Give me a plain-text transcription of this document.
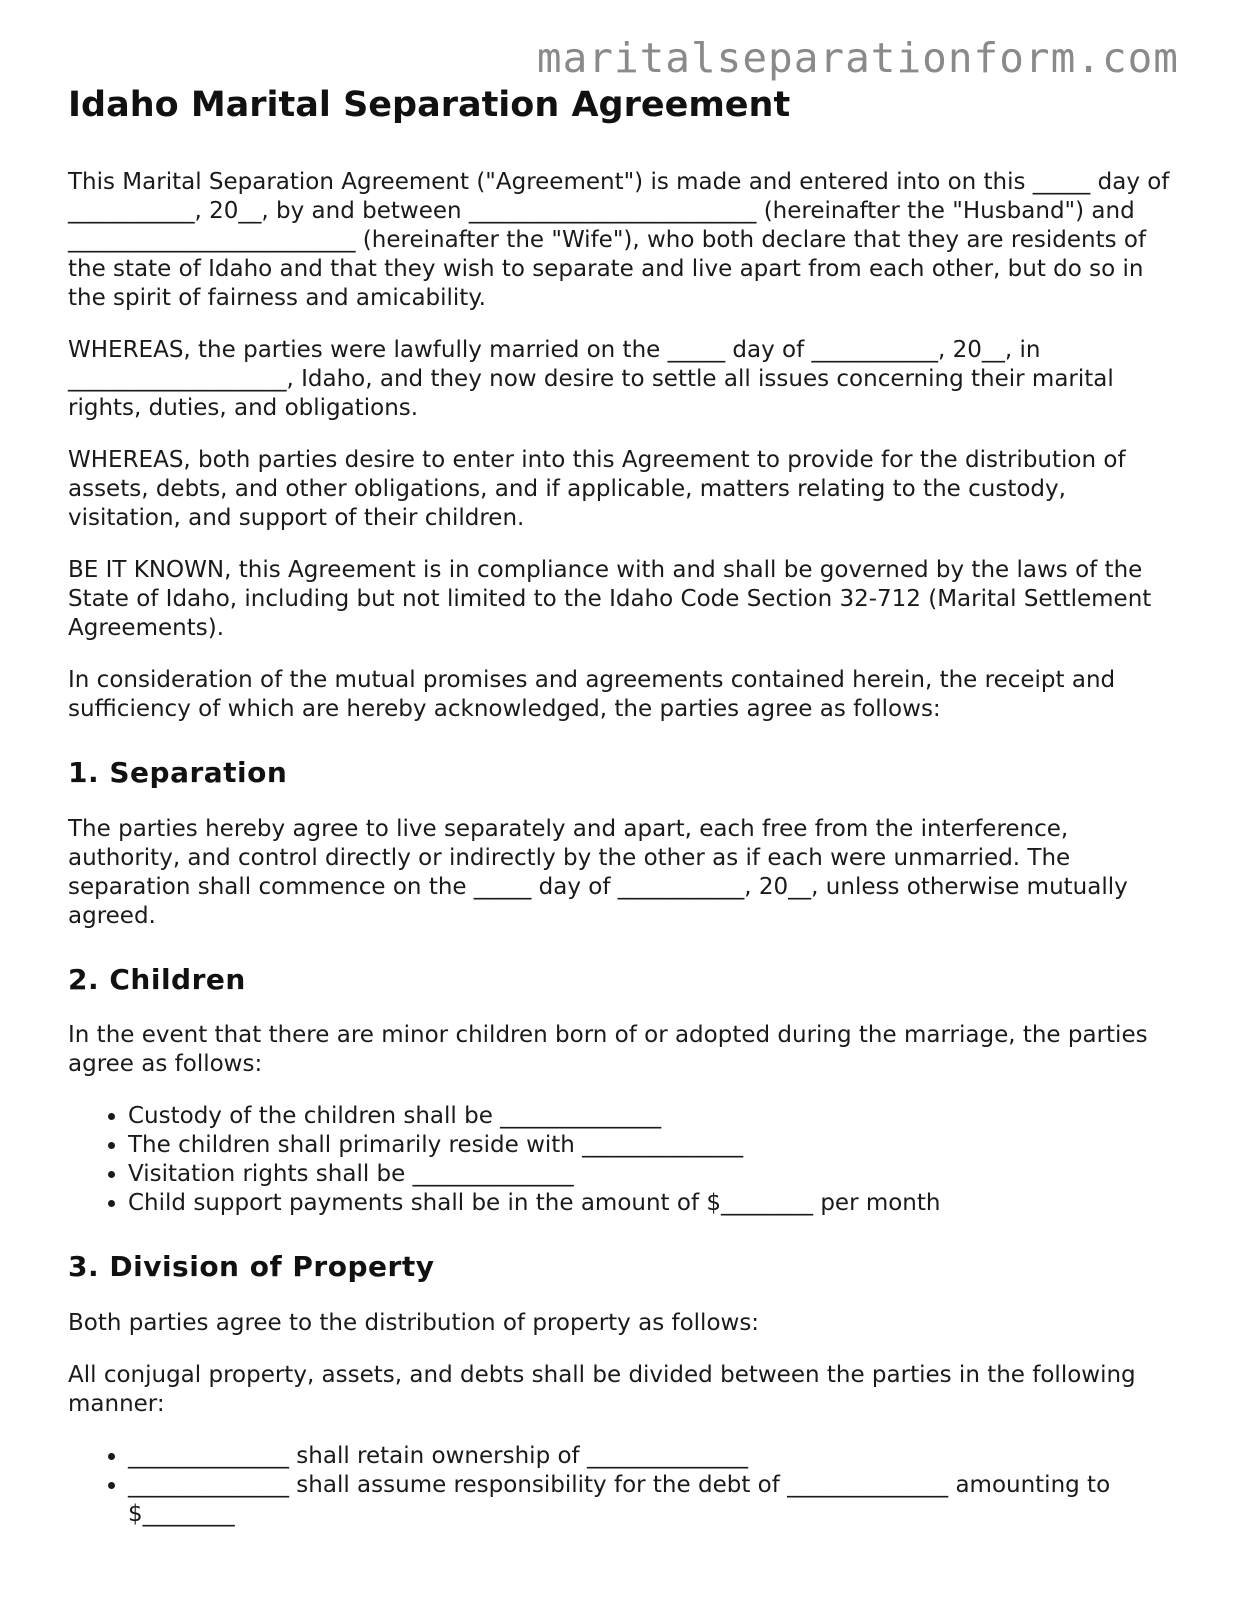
maritalseparationform.com
Idaho Marital Separation Agreement

This Marital Separation Agreement ("Agreement") is made and entered into on this _____ day of ___________, 20__, by and between _________________________ (hereinafter the "Husband") and _________________________ (hereinafter the "Wife"), who both declare that they are residents of the state of Idaho and that they wish to separate and live apart from each other, but do so in the spirit of fairness and amicability.

WHEREAS, the parties were lawfully married on the _____ day of ___________, 20__, in ___________________, Idaho, and they now desire to settle all issues concerning their marital rights, duties, and obligations.

WHEREAS, both parties desire to enter into this Agreement to provide for the distribution of assets, debts, and other obligations, and if applicable, matters relating to the custody, visitation, and support of their children.

BE IT KNOWN, this Agreement is in compliance with and shall be governed by the laws of the State of Idaho, including but not limited to the Idaho Code Section 32-712 (Marital Settlement Agreements).

In consideration of the mutual promises and agreements contained herein, the receipt and sufficiency of which are hereby acknowledged, the parties agree as follows:

1. Separation

The parties hereby agree to live separately and apart, each free from the interference, authority, and control directly or indirectly by the other as if each were unmarried. The separation shall commence on the _____ day of ___________, 20__, unless otherwise mutually agreed.

2. Children

In the event that there are minor children born of or adopted during the marriage, the parties agree as follows:

• Custody of the children shall be ______________
• The children shall primarily reside with ______________
• Visitation rights shall be ______________
• Child support payments shall be in the amount of $________ per month
3. Division of Property

Both parties agree to the distribution of property as follows:

All conjugal property, assets, and debts shall be divided between the parties in the following manner:

• ______________ shall retain ownership of ______________
• ______________ shall assume responsibility for the debt of ______________ amounting to $________
